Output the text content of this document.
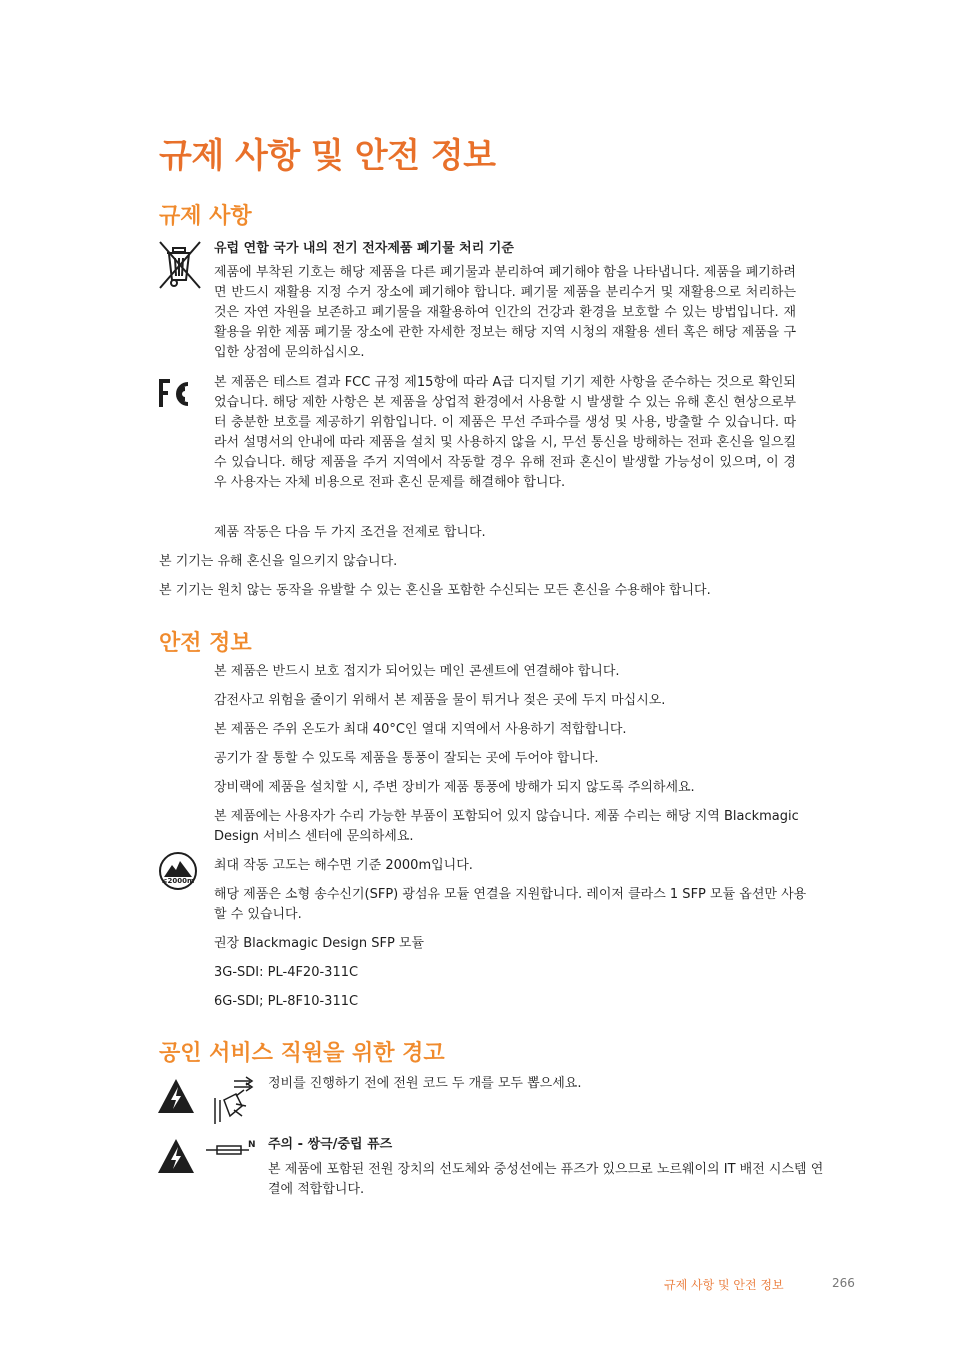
규제 사항 및 안전 정보
규제 사항

유럽 연합 국가 내의 전기 전자제품 폐기물 처리 기준

제품에 부착된 기호는 해당 제품을 다른 폐기물과 분리하여 폐기해야 함을 나타냅니다. 제품을 폐기하려면 반드시 재활용 지정 수거 장소에 폐기해야 합니다. 폐기물 제품을 분리수거 및 재활용으로 처리하는 것은 자연 자원을 보존하고 폐기물을 재활용하여 인간의 건강과 환경을 보호할 수 있는 방법입니다. 재활용을 위한 제품 폐기물 장소에 관한 자세한 정보는 해당 지역 시청의 재활용 센터 혹은 해당 제품을 구입한 상점에 문의하십시오.

본 제품은 테스트 결과 FCC 규정 제15항에 따라 A급 디지털 기기 제한 사항을 준수하는 것으로 확인되었습니다. 해당 제한 사항은 본 제품을 상업적 환경에서 사용할 시 발생할 수 있는 유해 혼신 현상으로부터 충분한 보호를 제공하기 위함입니다. 이 제품은 무선 주파수를 생성 및 사용, 방출할 수 있습니다. 따라서 설명서의 안내에 따라 제품을 설치 및 사용하지 않을 시, 무선 통신을 방해하는 전파 혼신을 일으킬 수 있습니다. 해당 제품을 주거 지역에서 작동할 경우 유해 전파 혼신이 발생할 가능성이 있으며, 이 경우 사용자는 자체 비용으로 전파 혼신 문제를 해결해야 합니다.

제품 작동은 다음 두 가지 조건을 전제로 합니다.

본 기기는 유해 혼신을 일으키지 않습니다.

본 기기는 원치 않는 동작을 유발할 수 있는 혼신을 포함한 수신되는 모든 혼신을 수용해야 합니다.

안전 정보

본 제품은 반드시 보호 접지가 되어있는 메인 콘센트에 연결해야 합니다.

감전사고 위험을 줄이기 위해서 본 제품을 물이 튀거나 젖은 곳에 두지 마십시오.

본 제품은 주위 온도가 최대 40°C인 열대 지역에서 사용하기 적합합니다.

공기가 잘 통할 수 있도록 제품을 통풍이 잘되는 곳에 두어야 합니다.

장비랙에 제품을 설치할 시, 주변 장비가 제품 통풍에 방해가 되지 않도록 주의하세요.

본 제품에는 사용자가 수리 가능한 부품이 포함되어 있지 않습니다. 제품 수리는 해당 지역 Blackmagic Design 서비스 센터에 문의하세요.

≤2000m

최대 작동 고도는 해수면 기준 2000m입니다.

해당 제품은 소형 송수신기(SFP) 광섬유 모듈 연결을 지원합니다. 레이저 클라스 1 SFP 모듈 옵션만 사용할 수 있습니다.

권장 Blackmagic Design SFP 모듈

3G-SDI: PL-4F20-311C

6G-SDI; PL-8F10-311C

공인 서비스 직원을 위한 경고

정비를 진행하기 전에 전원 코드 두 개를 모두 뽑으세요.

N 주의 - 쌍극/중립 퓨즈

본 제품에 포함된 전원 장치의 선도체와 중성선에는 퓨즈가 있으므로 노르웨이의 IT 배전 시스템 연결에 적합합니다.

규제 사항 및 안전 정보	266
